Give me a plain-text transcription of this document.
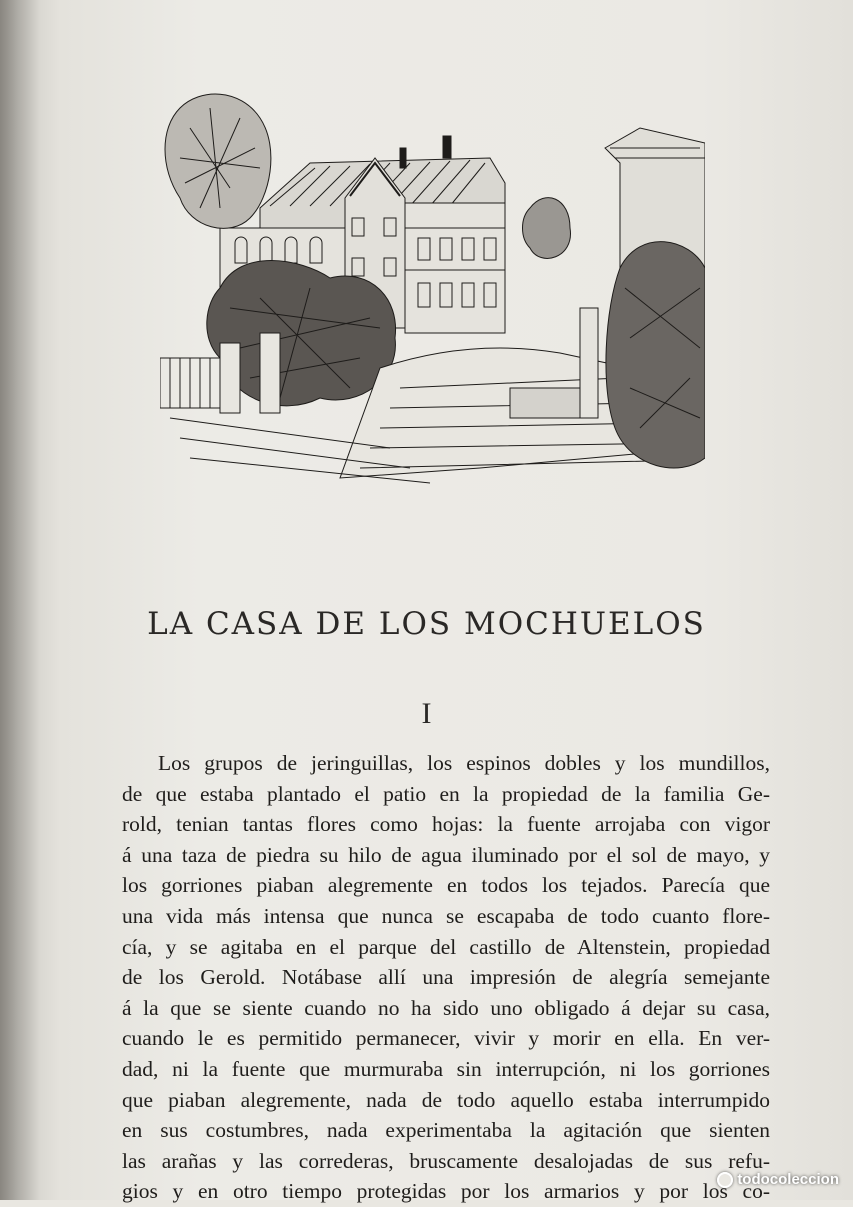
LA CASA DE LOS MOCHUELOS
I
Los grupos de jeringuillas, los espinos dobles y los mundillos,
de que estaba plantado el patio en la propiedad de la familia Ge-
rold, tenian tantas flores como hojas: la fuente arrojaba con vigor
á una taza de piedra su hilo de agua iluminado por el sol de mayo, y
los gorriones piaban alegremente en todos los tejados. Parecía que
una vida más intensa que nunca se escapaba de todo cuanto flore-
cía, y se agitaba en el parque del castillo de Altenstein, propiedad
de los Gerold. Notábase allí una impresión de alegría semejante
á la que se siente cuando no ha sido uno obligado á dejar su casa,
cuando le es permitido permanecer, vivir y morir en ella. En ver-
dad, ni la fuente que murmuraba sin interrupción, ni los gorriones
que piaban alegremente, nada de todo aquello estaba interrumpido
en sus costumbres, nada experimentaba la agitación que sienten
las arañas y las correderas, bruscamente desalojadas de sus refu-
gios y en otro tiempo protegidas por los armarios y por los co-
todocoleccion
